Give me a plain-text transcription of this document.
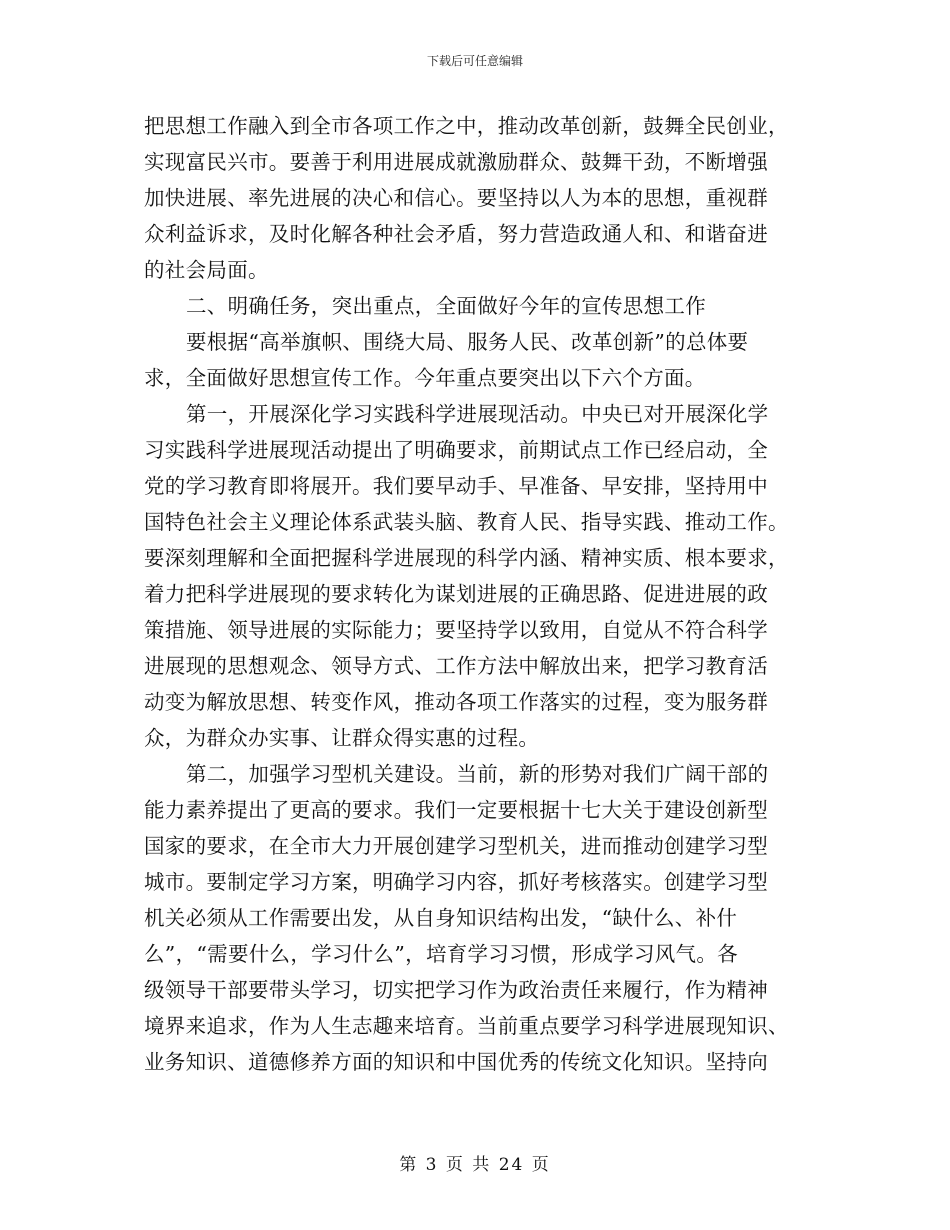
下载后可任意编辑
把思想工作融入到全市各项工作之中，推动改革创新，鼓舞全民创业，
实现富民兴市。要善于利用进展成就激励群众、鼓舞干劲，不断增强
加快进展、率先进展的决心和信心。要坚持以人为本的思想，重视群
众利益诉求，及时化解各种社会矛盾，努力营造政通人和、和谐奋进
的社会局面。
二、明确任务，突出重点，全面做好今年的宣传思想工作
要根据“高举旗帜、围绕大局、服务人民、改革创新”的总体要
求，全面做好思想宣传工作。今年重点要突出以下六个方面。
第一，开展深化学习实践科学进展现活动。中央已对开展深化学
习实践科学进展现活动提出了明确要求，前期试点工作已经启动，全
党的学习教育即将展开。我们要早动手、早准备、早安排，坚持用中
国特色社会主义理论体系武装头脑、教育人民、指导实践、推动工作。
要深刻理解和全面把握科学进展现的科学内涵、精神实质、根本要求，
着力把科学进展现的要求转化为谋划进展的正确思路、促进进展的政
策措施、领导进展的实际能力；要坚持学以致用，自觉从不符合科学
进展现的思想观念、领导方式、工作方法中解放出来，把学习教育活
动变为解放思想、转变作风，推动各项工作落实的过程，变为服务群
众，为群众办实事、让群众得实惠的过程。
第二，加强学习型机关建设。当前，新的形势对我们广阔干部的
能力素养提出了更高的要求。我们一定要根据十七大关于建设创新型
国家的要求，在全市大力开展创建学习型机关，进而推动创建学习型
城市。要制定学习方案，明确学习内容，抓好考核落实。创建学习型
机关必须从工作需要出发，从自身知识结构出发，“缺什么、补什
么”，“需要什么，学习什么”，培育学习习惯，形成学习风气。各
级领导干部要带头学习，切实把学习作为政治责任来履行，作为精神
境界来追求，作为人生志趣来培育。当前重点要学习科学进展现知识、
业务知识、道德修养方面的知识和中国优秀的传统文化知识。坚持向
第 3 页 共 24 页
